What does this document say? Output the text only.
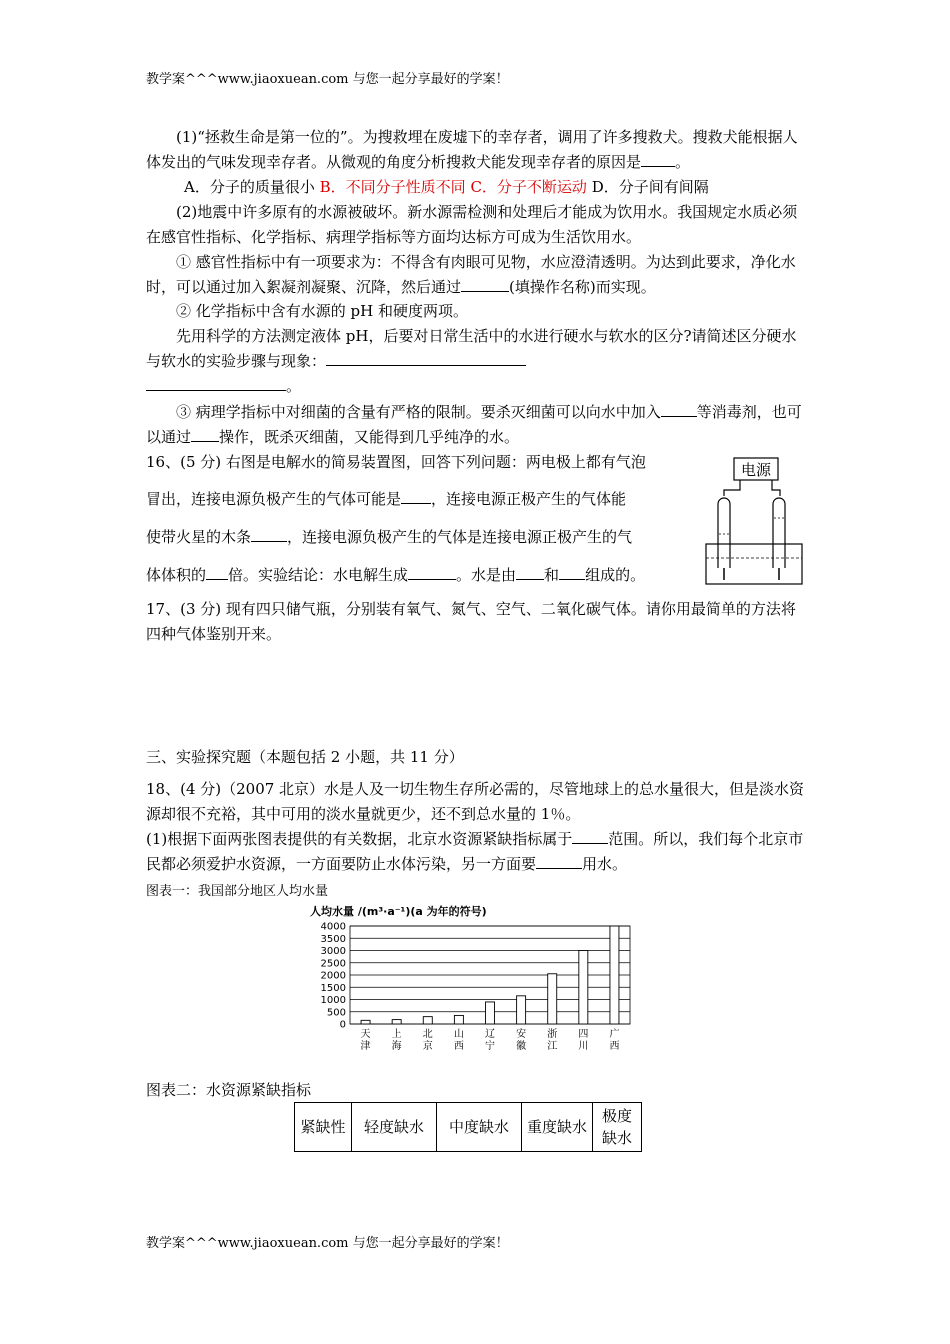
教学案^^^www.jiaoxuean.com 与您一起分享最好的学案！
(1)“拯救生命是第一位的”。为搜救埋在废墟下的幸存者，调用了许多搜救犬。搜救犬能根据人体发出的气味发现幸存者。从微观的角度分析搜救犬能发现幸存者的原因是 。
A．分子的质量很小 B．不同分子性质不同 C．分子不断运动 D．分子间有间隔
(2)地震中许多原有的水源被破坏。新水源需检测和处理后才能成为饮用水。我国规定水质必须在感官性指标、化学指标、病理学指标等方面均达标方可成为生活饮用水。
① 感官性指标中有一项要求为：不得含有肉眼可见物，水应澄清透明。为达到此要求，净化水时，可以通过加入絮凝剂凝聚、沉降，然后通过	(填操作名称)而实现。
② 化学指标中含有水源的 pH 和硬度两项。
先用科学的方法测定液体 pH，后要对日常生活中的水进行硬水与软水的区分?请简述区分硬水与软水的实验步骤与现象：
。
③ 病理学指标中对细菌的含量有严格的限制。要杀灭细菌可以向水中加入 等消毒剂，也可以通过 操作，既杀灭细菌，又能得到几乎纯净的水。
16、(5 分) 右图是电解水的简易装置图，回答下列问题：两电极上都有气泡
冒出，连接电源负极产生的气体可能是 ，连接电源正极产生的气体能
使带火星的木条 ，连接电源负极产生的气体是连接电源正极产生的气
体体积的 倍。实验结论：水电解生成	。水是由 和 组成的。
电源
17、(3 分) 现有四只储气瓶，分别装有氧气、氮气、空气、二氧化碳气体。请你用最简单的方法将四种气体鉴别开来。
三、实验探究题（本题包括 2 小题，共 11 分）
18、(4 分)（2007 北京）水是人及一切生物生存所必需的，尽管地球上的总水量很大，但是淡水资源却很不充裕，其中可用的淡水量就更少，还不到总水量的 1％。
(1)根据下面两张图表提供的有关数据，北京水资源紧缺指标属于 范围。所以，我们每个北京市民都必须爱护水资源，一方面要防止水体污染，另一方面要	用水。
图表一：我国部分地区人均水量
人均水量 /(m³·a⁻¹)(a 为年的符号)
0
500
1000
1500
2000
2500
3000
3500
4000
天
津
上
海
北
京
山
西
辽
宁
安
徽
浙
江
四
川
广
西
图表二：水资源紧缺指标
紧缺性	轻度缺水	中度缺水	重度缺水	极度缺水
教学案^^^www.jiaoxuean.com 与您一起分享最好的学案！
